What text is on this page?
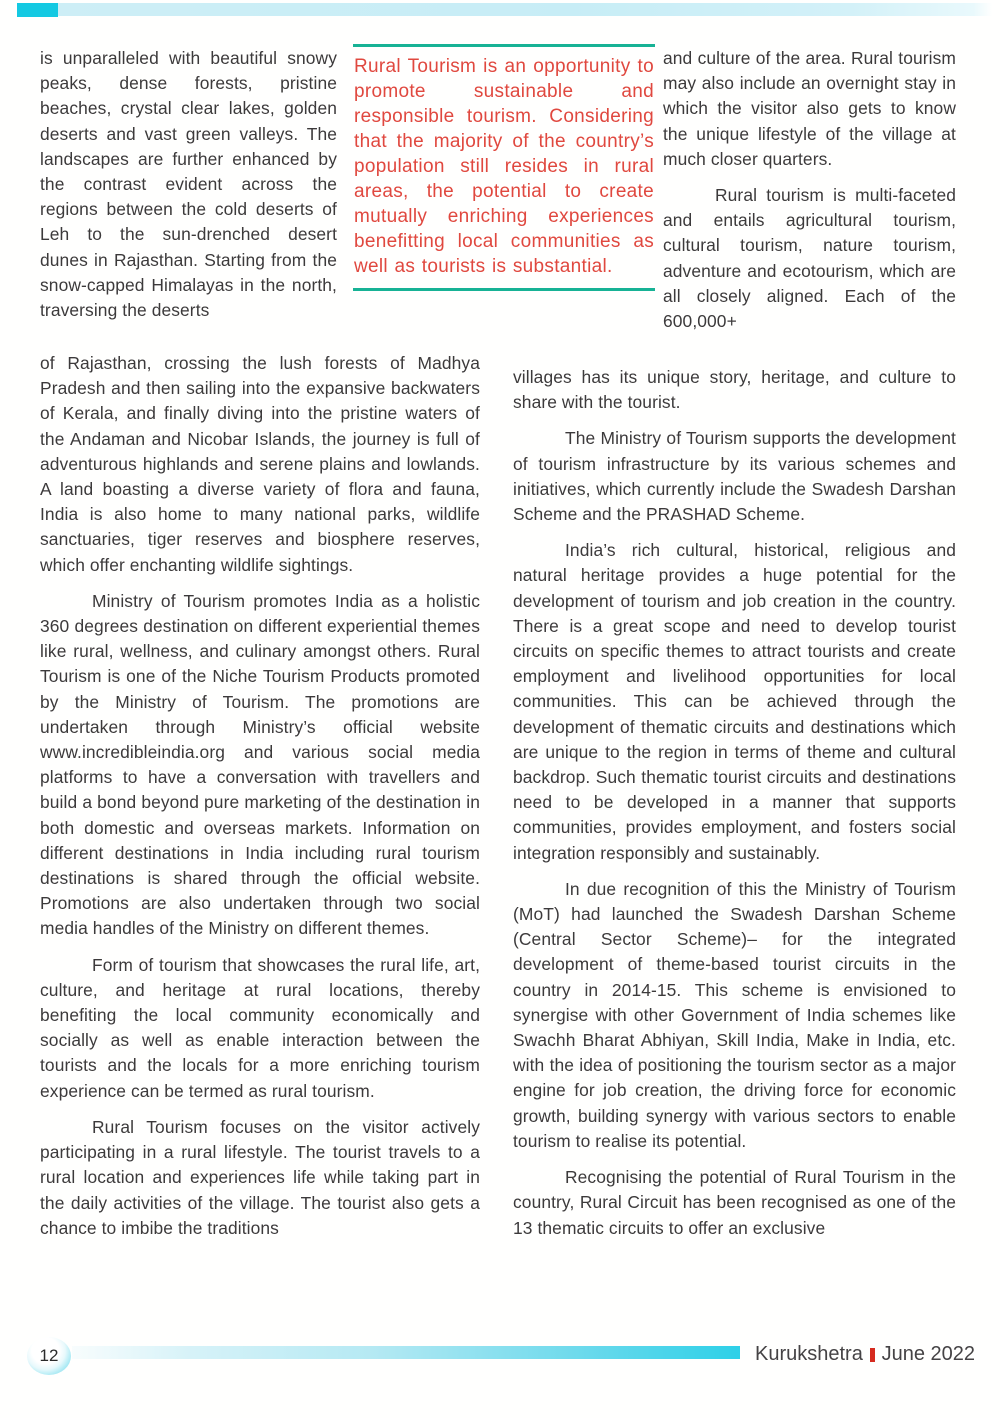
is unparalleled with beautiful snowy peaks, dense forests, pristine beaches, crystal clear lakes, golden deserts and vast green valleys. The landscapes are further enhanced by the contrast evident across the regions between the cold deserts of Leh to the sun-drenched desert dunes in Rajasthan. Starting from the snow-capped Himalayas in the north, traversing the deserts

Rural Tourism is an opportunity to promote sustainable and responsible tourism. Considering that the majority of the country’s population still resides in rural areas, the potential to create mutually enriching experiences benefitting local communities as well as tourists is substantial.

and culture of the area. Rural tourism may also include an overnight stay in which the visitor also gets to know the unique lifestyle of the village at much closer quarters.

Rural tourism is multi-faceted and entails agricultural tourism, cultural tourism, nature tourism, adventure and ecotourism, which are all closely aligned. Each of the 600,000+

of Rajasthan, crossing the lush forests of Madhya Pradesh and then sailing into the expansive backwaters of Kerala, and finally diving into the pristine waters of the Andaman and Nicobar Islands, the journey is full of adventurous highlands and serene plains and lowlands. A land boasting a diverse variety of flora and fauna, India is also home to many national parks, wildlife sanctuaries, tiger reserves and biosphere reserves, which offer enchanting wildlife sightings.

Ministry of Tourism promotes India as a holistic 360 degrees destination on different experiential themes like rural, wellness, and culinary amongst others. Rural Tourism is one of the Niche Tourism Products promoted by the Ministry of Tourism. The promotions are undertaken through Ministry’s official website www.incredibleindia.org and various social media platforms to have a conversation with travellers and build a bond beyond pure marketing of the destination in both domestic and overseas markets. Information on different destinations in India including rural tourism destinations is shared through the official website. Promotions are also undertaken through two social media handles of the Ministry on different themes.

Form of tourism that showcases the rural life, art, culture, and heritage at rural locations, thereby benefiting the local community economically and socially as well as enable interaction between the tourists and the locals for a more enriching tourism experience can be termed as rural tourism.

Rural Tourism focuses on the visitor actively participating in a rural lifestyle. The tourist travels to a rural location and experiences life while taking part in the daily activities of the village. The tourist also gets a chance to imbibe the traditions

villages has its unique story, heritage, and culture to share with the tourist.

The Ministry of Tourism supports the development of tourism infrastructure by its various schemes and initiatives, which currently include the Swadesh Darshan Scheme and the PRASHAD Scheme.

India’s rich cultural, historical, religious and natural heritage provides a huge potential for the development of tourism and job creation in the country. There is a great scope and need to develop tourist circuits on specific themes to attract tourists and create employment and livelihood opportunities for local communities. This can be achieved through the development of thematic circuits and destinations which are unique to the region in terms of theme and cultural backdrop. Such thematic tourist circuits and destinations need to be developed in a manner that supports communities, provides employment, and fosters social integration responsibly and sustainably.

In due recognition of this the Ministry of Tourism (MoT) had launched the Swadesh Darshan Scheme (Central Sector Scheme)– for the integrated development of theme-based tourist circuits in the country in 2014-15. This scheme is envisioned to synergise with other Government of India schemes like Swachh Bharat Abhiyan, Skill India, Make in India, etc. with the idea of positioning the tourism sector as a major engine for job creation, the driving force for economic growth, building synergy with various sectors to enable tourism to realise its potential.

Recognising the potential of Rural Tourism in the country, Rural Circuit has been recognised as one of the 13 thematic circuits to offer an exclusive

12	Kurukshetra June 2022
